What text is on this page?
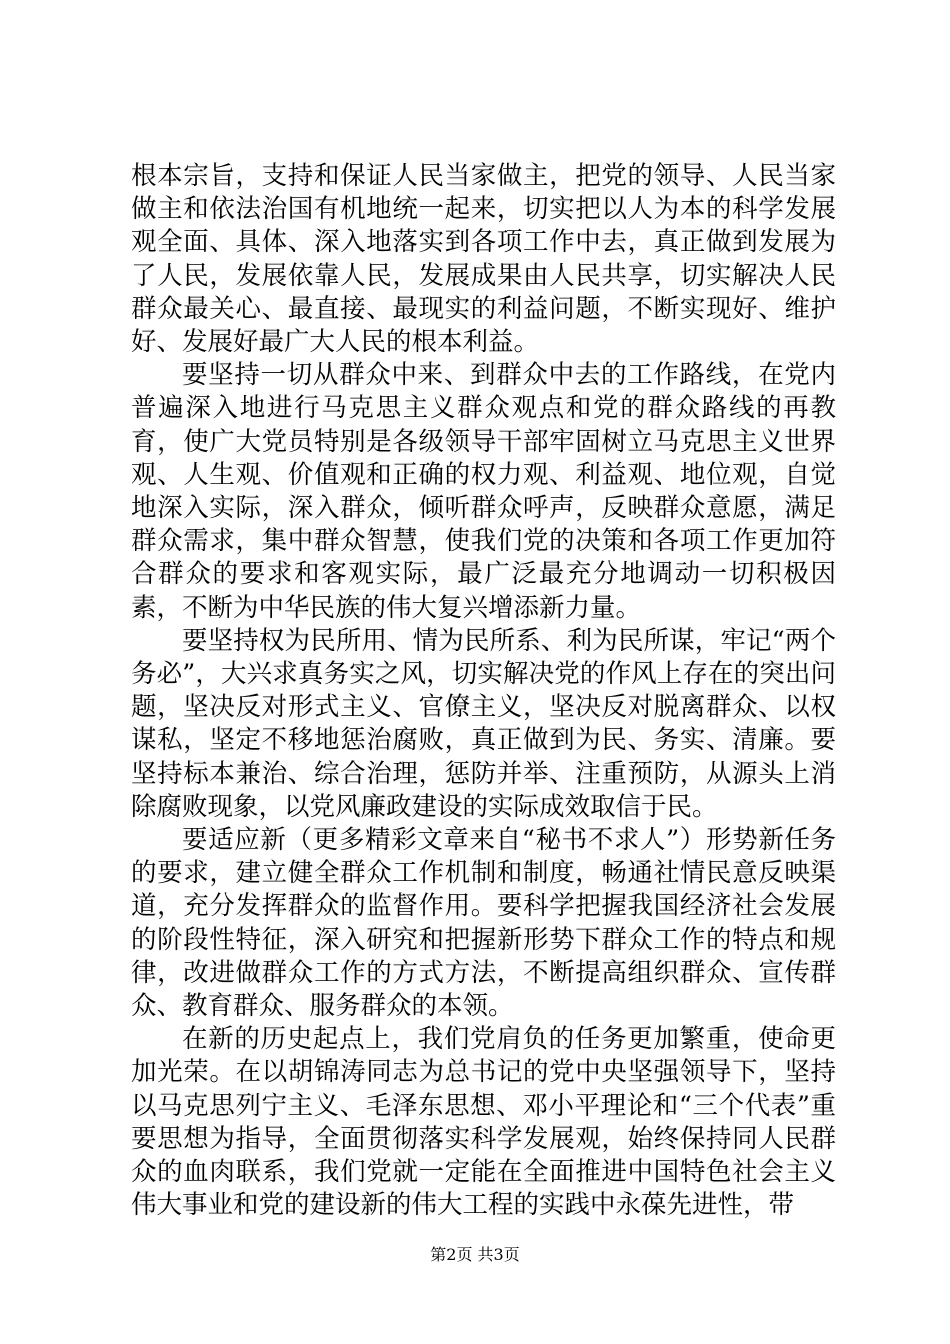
根本宗旨，支持和保证人民当家做主，把党的领导、人民当家做主和依法治国有机地统一起来，切实把以人为本的科学发展观全面、具体、深入地落实到各项工作中去，真正做到发展为了人民，发展依靠人民，发展成果由人民共享，切实解决人民群众最关心、最直接、最现实的利益问题，不断实现好、维护好、发展好最广大人民的根本利益。

要坚持一切从群众中来、到群众中去的工作路线，在党内普遍深入地进行马克思主义群众观点和党的群众路线的再教育，使广大党员特别是各级领导干部牢固树立马克思主义世界观、人生观、价值观和正确的权力观、利益观、地位观，自觉地深入实际，深入群众，倾听群众呼声，反映群众意愿，满足群众需求，集中群众智慧，使我们党的决策和各项工作更加符合群众的要求和客观实际，最广泛最充分地调动一切积极因素，不断为中华民族的伟大复兴增添新力量。

要坚持权为民所用、情为民所系、利为民所谋，牢记“两个务必”，大兴求真务实之风，切实解决党的作风上存在的突出问题，坚决反对形式主义、官僚主义，坚决反对脱离群众、以权谋私，坚定不移地惩治腐败，真正做到为民、务实、清廉。要坚持标本兼治、综合治理，惩防并举、注重预防，从源头上消除腐败现象，以党风廉政建设的实际成效取信于民。

要适应新（更多精彩文章来自“秘书不求人”）形势新任务的要求，建立健全群众工作机制和制度，畅通社情民意反映渠道，充分发挥群众的监督作用。要科学把握我国经济社会发展的阶段性特征，深入研究和把握新形势下群众工作的特点和规律，改进做群众工作的方式方法，不断提高组织群众、宣传群众、教育群众、服务群众的本领。

在新的历史起点上，我们党肩负的任务更加繁重，使命更加光荣。在以胡锦涛同志为总书记的党中央坚强领导下，坚持以马克思列宁主义、毛泽东思想、邓小平理论和“三个代表”重要思想为指导，全面贯彻落实科学发展观，始终保持同人民群众的血肉联系，我们党就一定能在全面推进中国特色社会主义伟大事业和党的建设新的伟大工程的实践中永葆先进性，带

第2页 共3页
